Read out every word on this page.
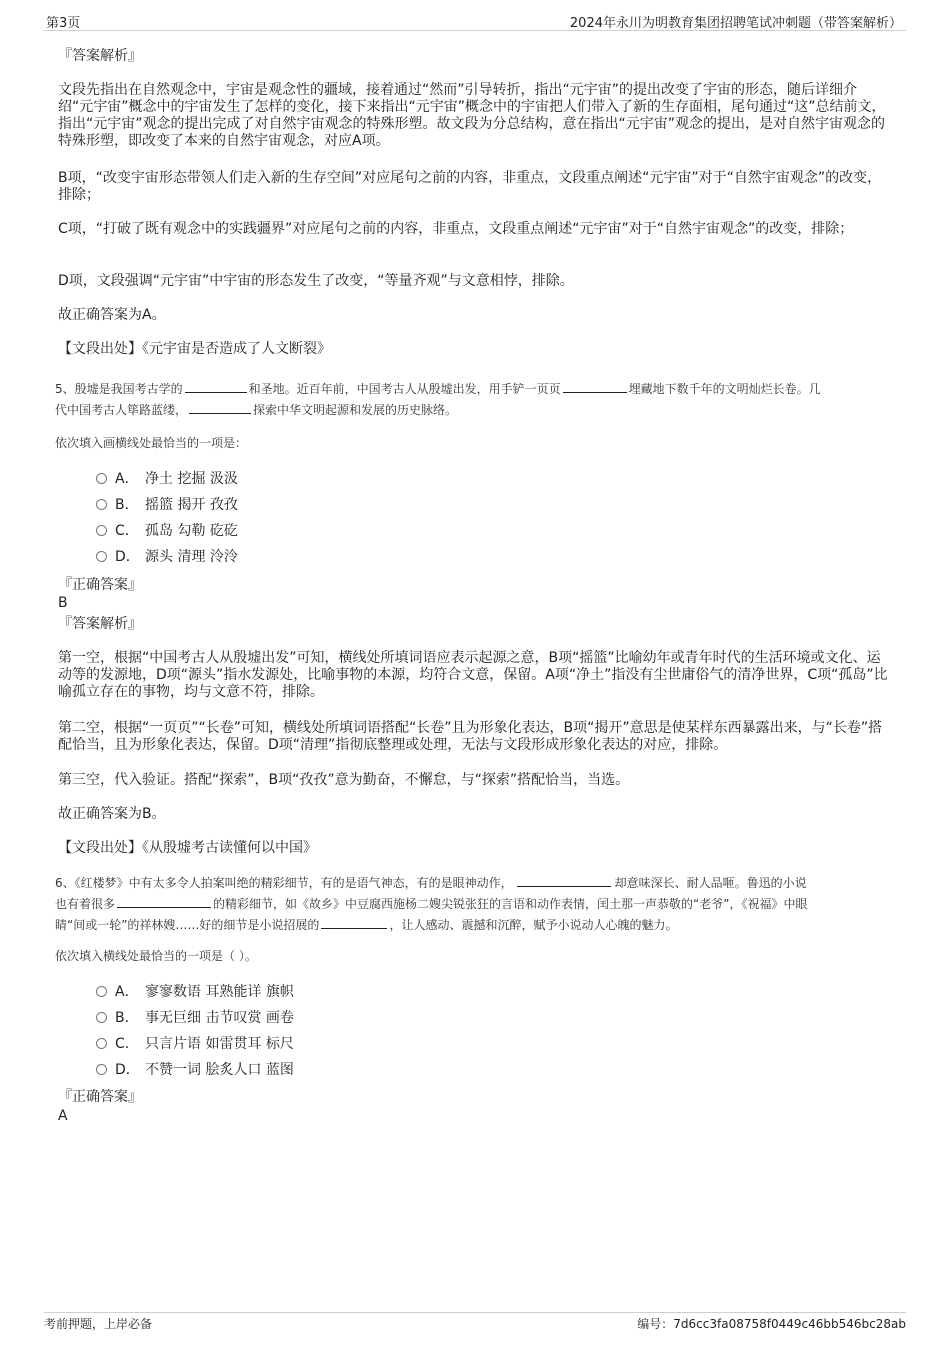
第3页	2024年永川为明教育集团招聘笔试冲刺题（带答案解析）
『答案解析』
文段先指出在自然观念中，宇宙是观念性的疆域，接着通过“然而”引导转折，指出“元宇宙”的提出改变了宇宙的形态，随后详细介绍“元宇宙”概念中的宇宙发生了怎样的变化，接下来指出“元宇宙”概念中的宇宙把人们带入了新的生存面相，尾句通过“这”总结前文，指出“元宇宙”观念的提出完成了对自然宇宙观念的特殊形塑。故文段为分总结构，意在指出“元宇宙”观念的提出，是对自然宇宙观念的特殊形塑，即改变了本来的自然宇宙观念，对应A项。
B项，“改变宇宙形态带领人们走入新的生存空间”对应尾句之前的内容，非重点，文段重点阐述“元宇宙”对于“自然宇宙观念”的改变，排除；
C项，“打破了既有观念中的实践疆界”对应尾句之前的内容，非重点，文段重点阐述“元宇宙”对于“自然宇宙观念”的改变，排除；
D项，文段强调“元宇宙”中宇宙的形态发生了改变，“等量齐观”与文意相悖，排除。
故正确答案为A。
【文段出处】《元宇宙是否造成了人文断裂》
5、殷墟是我国考古学的	和圣地。近百年前，中国考古人从殷墟出发，用手铲一页页	埋藏地下数千年的文明灿烂长卷。几
代中国考古人筚路蓝缕，	探索中华文明起源和发展的历史脉络。
依次填入画横线处最恰当的一项是：
A． 净土 挖掘 汲汲
B． 摇篮 揭开 孜孜
C． 孤岛 勾勒 矻矻
D． 源头 清理 泠泠
『正确答案』
B
『答案解析』
第一空，根据“中国考古人从殷墟出发”可知，横线处所填词语应表示起源之意，B项“摇篮”比喻幼年或青年时代的生活环境或文化、运动等的发源地，D项“源头”指水发源处，比喻事物的本源，均符合文意，保留。A项“净土”指没有尘世庸俗气的清净世界，C项“孤岛”比喻孤立存在的事物，均与文意不符，排除。
第二空，根据“一页页”“长卷”可知，横线处所填词语搭配“长卷”且为形象化表达，B项“揭开”意思是使某样东西暴露出来，与“长卷”搭配恰当，且为形象化表达，保留。D项“清理”指彻底整理或处理，无法与文段形成形象化表达的对应，排除。
第三空，代入验证。搭配“探索”，B项“孜孜”意为勤奋，不懈怠，与“探索”搭配恰当，当选。
故正确答案为B。
【文段出处】《从殷墟考古读懂何以中国》
6、《红楼梦》中有太多令人拍案叫绝的精彩细节，有的是语气神态，有的是眼神动作，	却意味深长、耐人品咂。鲁迅的小说
也有着很多	的精彩细节，如《故乡》中豆腐西施杨二嫂尖锐张狂的言语和动作表情，闰土那一声恭敬的“老爷”，《祝福》中眼
睛“间或一轮”的祥林嫂……好的细节是小说招展的	，让人感动、震撼和沉醉，赋予小说动人心魄的魅力。
依次填入横线处最恰当的一项是（ ）。
A． 寥寥数语 耳熟能详 旗帜
B． 事无巨细 击节叹赏 画卷
C． 只言片语 如雷贯耳 标尺
D． 不赞一词 脍炙人口 蓝图
『正确答案』
A
考前押题，上岸必备	编号：7d6cc3fa08758f0449c46bb546bc28ab
